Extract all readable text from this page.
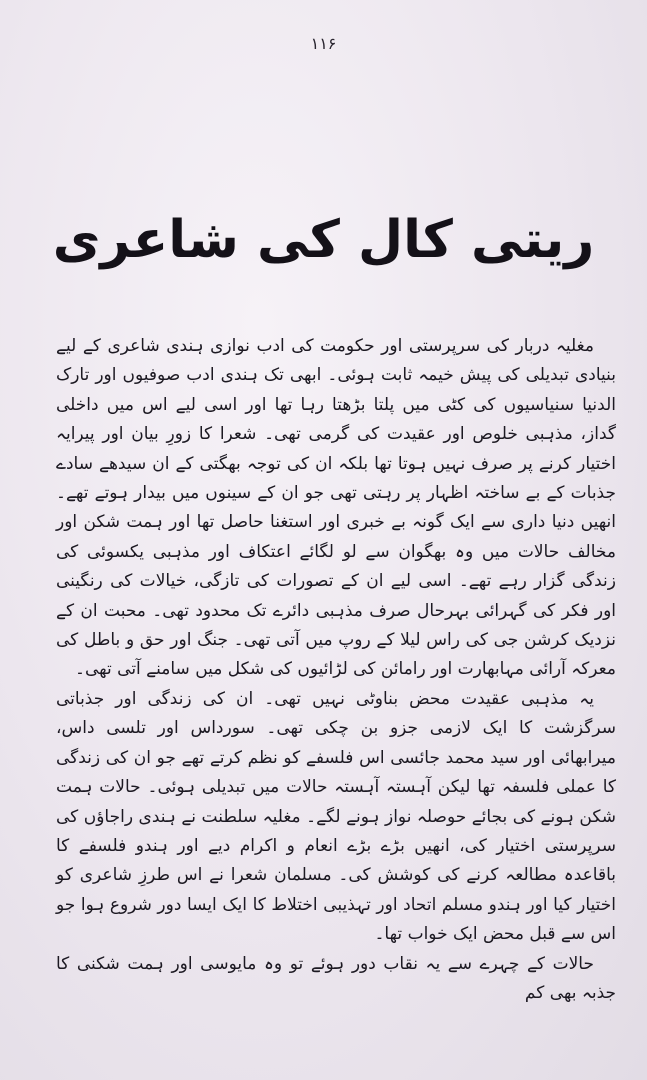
۱۱۶
ریتی کال کی شاعری

مغلیہ دربار کی سرپرستی اور حکومت کی ادب نوازی ہندی شاعری کے لیے بنیادی تبدیلی کی پیش خیمہ ثابت ہوئی۔ ابھی تک ہندی ادب صوفیوں اور تارک الدنیا سنیاسیوں کی کٹی میں پلتا بڑھتا رہا تھا اور اسی لیے اس میں داخلی گداز، مذہبی خلوص اور عقیدت کی گرمی تھی۔ شعرا کا زورِ بیان اور پیرایہ اختیار کرنے پر صرف نہیں ہوتا تھا بلکہ ان کی توجہ بھگتی کے ان سیدھے سادے جذبات کے بے ساختہ اظہار پر رہتی تھی جو ان کے سینوں میں بیدار ہوتے تھے۔ انھیں دنیا داری سے ایک گونہ بے خبری اور استغنا حاصل تھا اور ہمت شکن اور مخالف حالات میں وہ بھگوان سے لو لگائے اعتکاف اور مذہبی یکسوئی کی زندگی گزار رہے تھے۔ اسی لیے ان کے تصورات کی تازگی، خیالات کی رنگینی اور فکر کی گہرائی بہرحال صرف مذہبی دائرے تک محدود تھی۔ محبت ان کے نزدیک کرشن جی کی راس لیلا کے روپ میں آتی تھی۔ جنگ اور حق و باطل کی معرکہ آرائی مہابھارت اور رامائن کی لڑائیوں کی شکل میں سامنے آتی تھی۔

یہ مذہبی عقیدت محض بناوٹی نہیں تھی۔ ان کی زندگی اور جذباتی سرگزشت کا ایک لازمی جزو بن چکی تھی۔ سورداس اور تلسی داس، میرابھائی اور سید محمد جائسی اس فلسفے کو نظم کرتے تھے جو ان کی زندگی کا عملی فلسفہ تھا لیکن آہستہ آہستہ حالات میں تبدیلی ہوئی۔ حالات ہمت شکن ہونے کی بجائے حوصلہ نواز ہونے لگے۔ مغلیہ سلطنت نے ہندی راجاؤں کی سرپرستی اختیار کی، انھیں بڑے بڑے انعام و اکرام دیے اور ہندو فلسفے کا باقاعدہ مطالعہ کرنے کی کوشش کی۔ مسلمان شعرا نے اس طرزِ شاعری کو اختیار کیا اور ہندو مسلم اتحاد اور تہذیبی اختلاط کا ایک ایسا دور شروع ہوا جو اس سے قبل محض ایک خواب تھا۔

حالات کے چہرے سے یہ نقاب دور ہوئے تو وہ مایوسی اور ہمت شکنی کا جذبہ بھی کم
